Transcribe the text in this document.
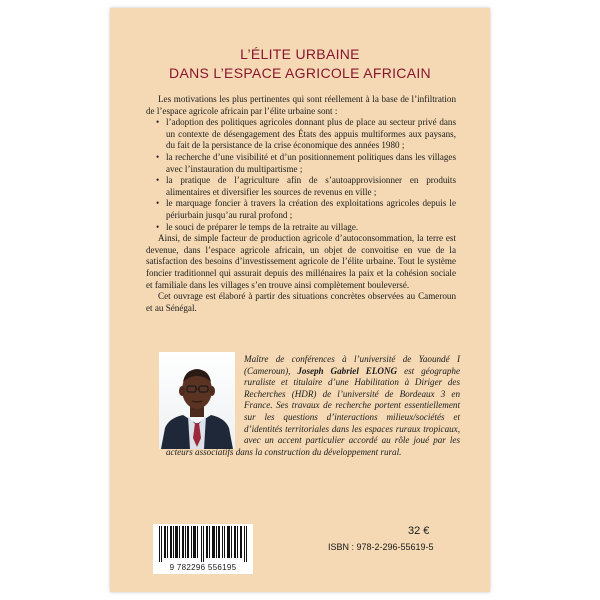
L’ÉLITE URBAINE
DANS L’ESPACE AGRICOLE AFRICAIN

Les motivations les plus pertinentes qui sont réellement à la base de l’infiltration de l’espace agricole africain par l’élite urbaine sont :

• l’adoption des politiques agricoles donnant plus de place au secteur privé dans un contexte de désengagement des États des appuis multiformes aux paysans, du fait de la persistance de la crise économique des années 1980 ;
• la recherche d’une visibilité et d’un positionnement politiques dans les villages avec l’instauration du multipartisme ;
• la pratique de l’agriculture afin de s’autoapprovisionner en produits alimentaires et diversifier les sources de revenus en ville ;
• le marquage foncier à travers la création des exploitations agricoles depuis le périurbain jusqu’au rural profond ;
• le souci de préparer le temps de la retraite au village.

Ainsi, de simple facteur de production agricole d’autoconsommation, la terre est devenue, dans l’espace agricole africain, un objet de convoitise en vue de la satisfaction des besoins d’investissement agricole de l’élite urbaine. Tout le système foncier traditionnel qui assurait depuis des millénaires la paix et la cohésion sociale et familiale dans les villages s’en trouve ainsi complètement bouleversé.

Cet ouvrage est élaboré à partir des situations concrètes observées au Cameroun et au Sénégal.

Maître de conférences à l’université de Yaoundé I (Cameroun), Joseph Gabriel ELONG est géographe ruraliste et titulaire d’une Habilitation à Diriger des Recherches (HDR) de l’université de Bordeaux 3 en France. Ses travaux de recherche portent essentiellement sur les questions d’interactions milieux/sociétés et d’identités territoriales dans les espaces ruraux tropicaux, avec un accent particulier accordé au rôle joué par les acteurs associatifs dans la construction du développement rural.
32 €
ISBN : 978-2-296-55619-5
9 782296 556195
